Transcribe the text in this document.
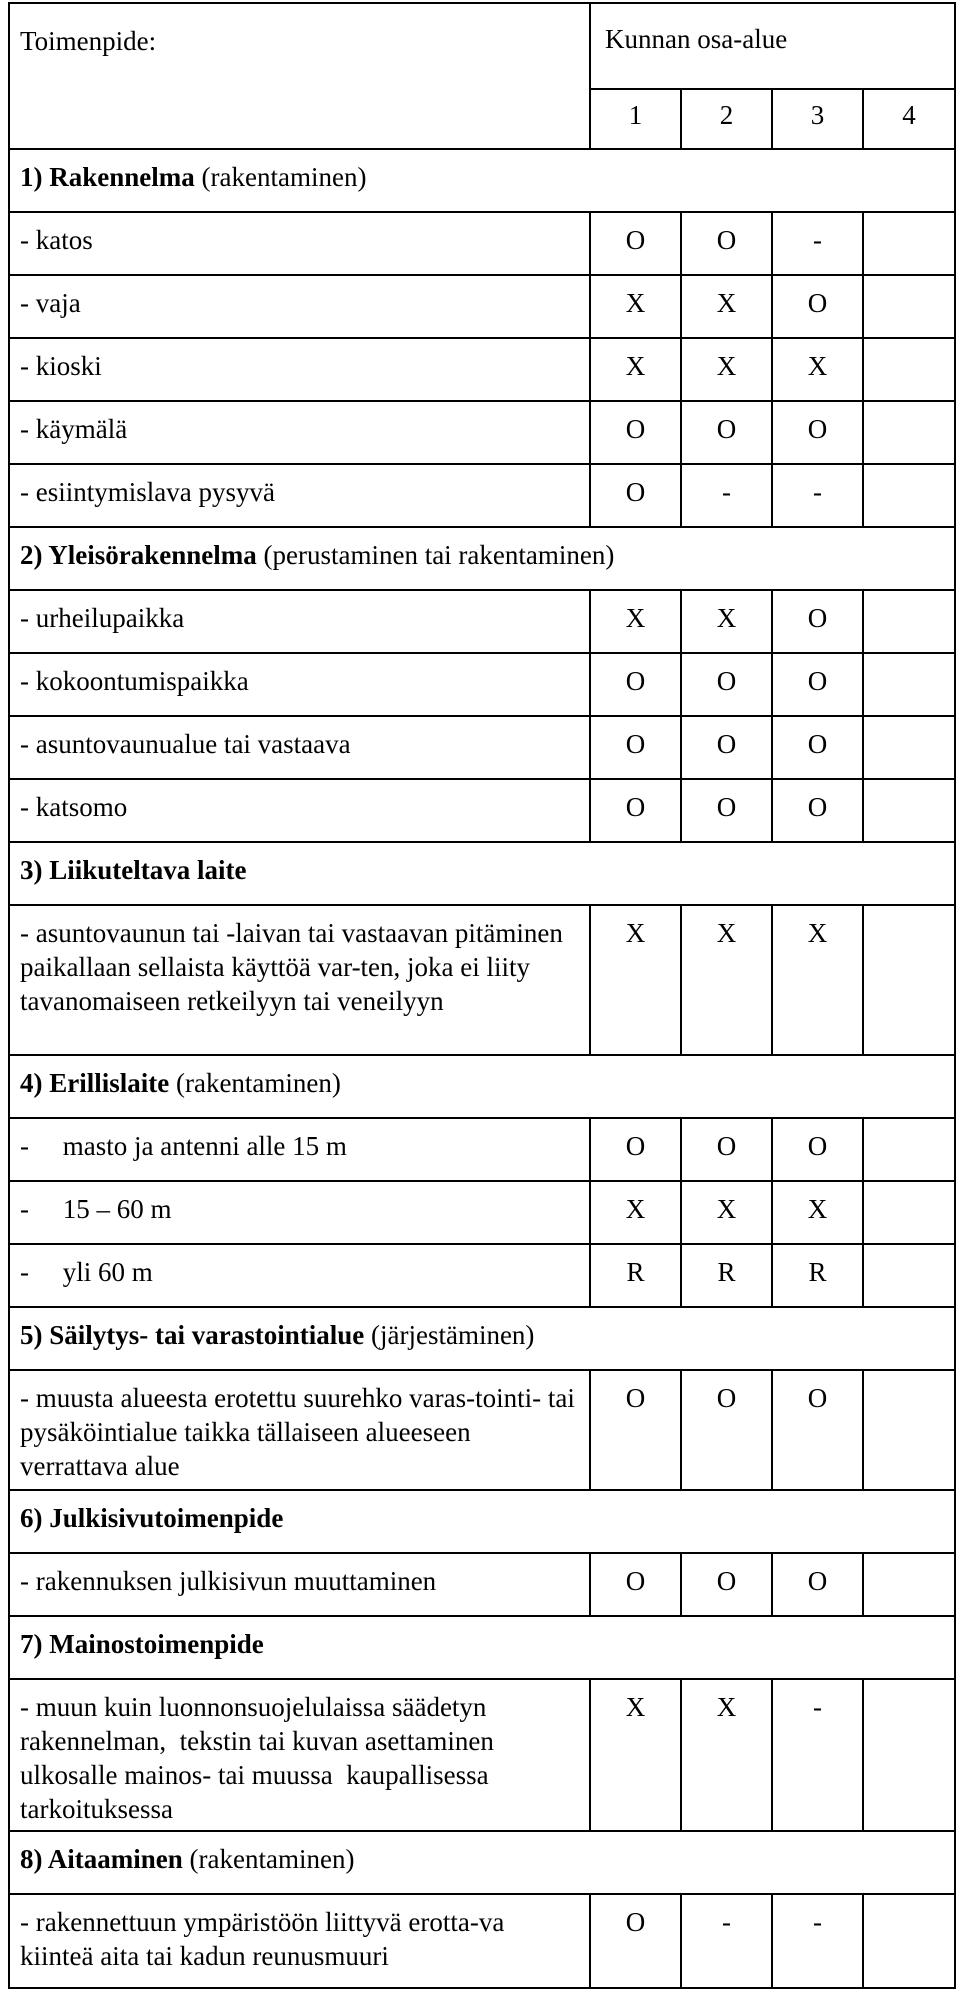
Toimenpide:	Kunnan osa-alue			
	1	2	3	4
1) Rakennelma (rakentaminen)				
- katos	O	O	-	
- vaja	X	X	O	
- kioski	X	X	X	
- käymälä	O	O	O	
- esiintymislava pysyvä	O	-	-	
2) Yleisörakennelma (perustaminen tai rakentaminen)				
- urheilupaikka	X	X	O	
- kokoontumispaikka	O	O	O	
- asuntovaunualue tai vastaava	O	O	O	
- katsomo	O	O	O	
3) Liikuteltava laite				
- asuntovaunun tai -laivan tai vastaavan pitäminen paikallaan sellaista käyttöä var-ten, joka ei liity tavanomaiseen retkeilyyn tai veneilyyn	X	X	X	
4) Erillislaite (rakentaminen)				
-     masto ja antenni alle 15 m	O	O	O	
-     15 – 60 m	X	X	X	
-     yli 60 m	R	R	R	
5) Säilytys- tai varastointialue (järjestäminen)				
- muusta alueesta erotettu suurehko varas-tointi- tai pysäköintialue taikka tällaiseen alueeseen verrattava alue	O	O	O	
6) Julkisivutoimenpide				
- rakennuksen julkisivun muuttaminen	O	O	O	
7) Mainostoimenpide				
- muun kuin luonnonsuojelulaissa säädetyn rakennelman,  tekstin tai kuvan asettaminen ulkosalle mainos- tai muussa  kaupallisessa tarkoituksessa	X	X	-	
8) Aitaaminen (rakentaminen)				
- rakennettuun ympäristöön liittyvä erotta-va kiinteä aita tai kadun reunusmuuri	O	-	-	
